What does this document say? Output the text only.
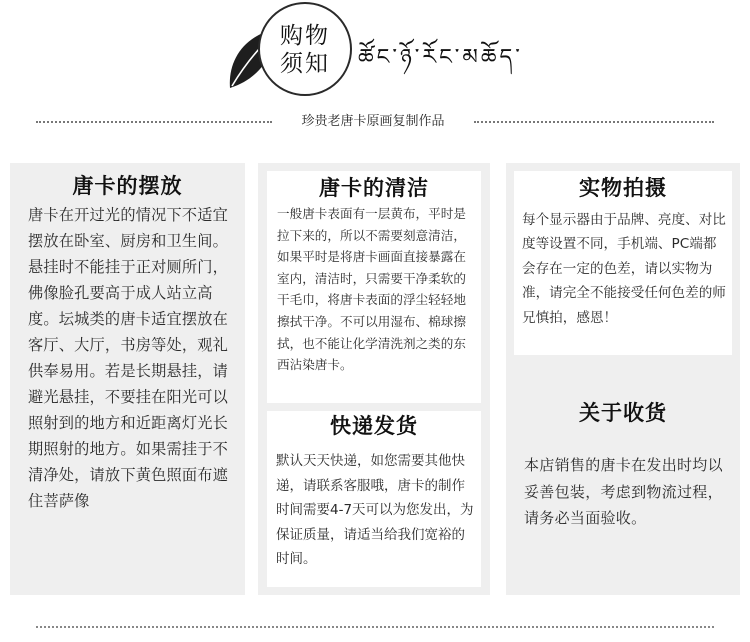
购物
须知	ཚོང་ཉོ་རོང་མཆོད་
珍贵老唐卡原画复制作品
唐卡的摆放
唐卡在开过光的情况下不适宜摆放在卧室、厨房和卫生间。悬挂时不能挂于正对厕所门，佛像脸孔要高于成人站立高度。坛城类的唐卡适宜摆放在客厅、大厅，书房等处，观礼供奉易用。若是长期悬挂，请避光悬挂，不要挂在阳光可以照射到的地方和近距离灯光长期照射的地方。如果需挂于不清净处，请放下黄色照面布遮住菩萨像
唐卡的清洁
一般唐卡表面有一层黄布，平时是拉下来的，所以不需要刻意清洁，如果平时是将唐卡画面直接暴露在室内，清洁时，只需要干净柔软的干毛巾，将唐卡表面的浮尘轻轻地擦拭干净。不可以用湿布、棉球擦拭，也不能让化学清洗剂之类的东西沾染唐卡。
快递发货
默认天天快递，如您需要其他快递，请联系客服哦，唐卡的制作时间需要4-7天可以为您发出，为保证质量，请适当给我们宽裕的时间。
实物拍摄
每个显示器由于品牌、亮度、对比度等设置不同，手机端、PC端都会存在一定的色差，请以实物为准，请完全不能接受任何色差的师兄慎拍，感恩！
关于收货
本店销售的唐卡在发出时均以妥善包装，考虑到物流过程，请务必当面验收。
